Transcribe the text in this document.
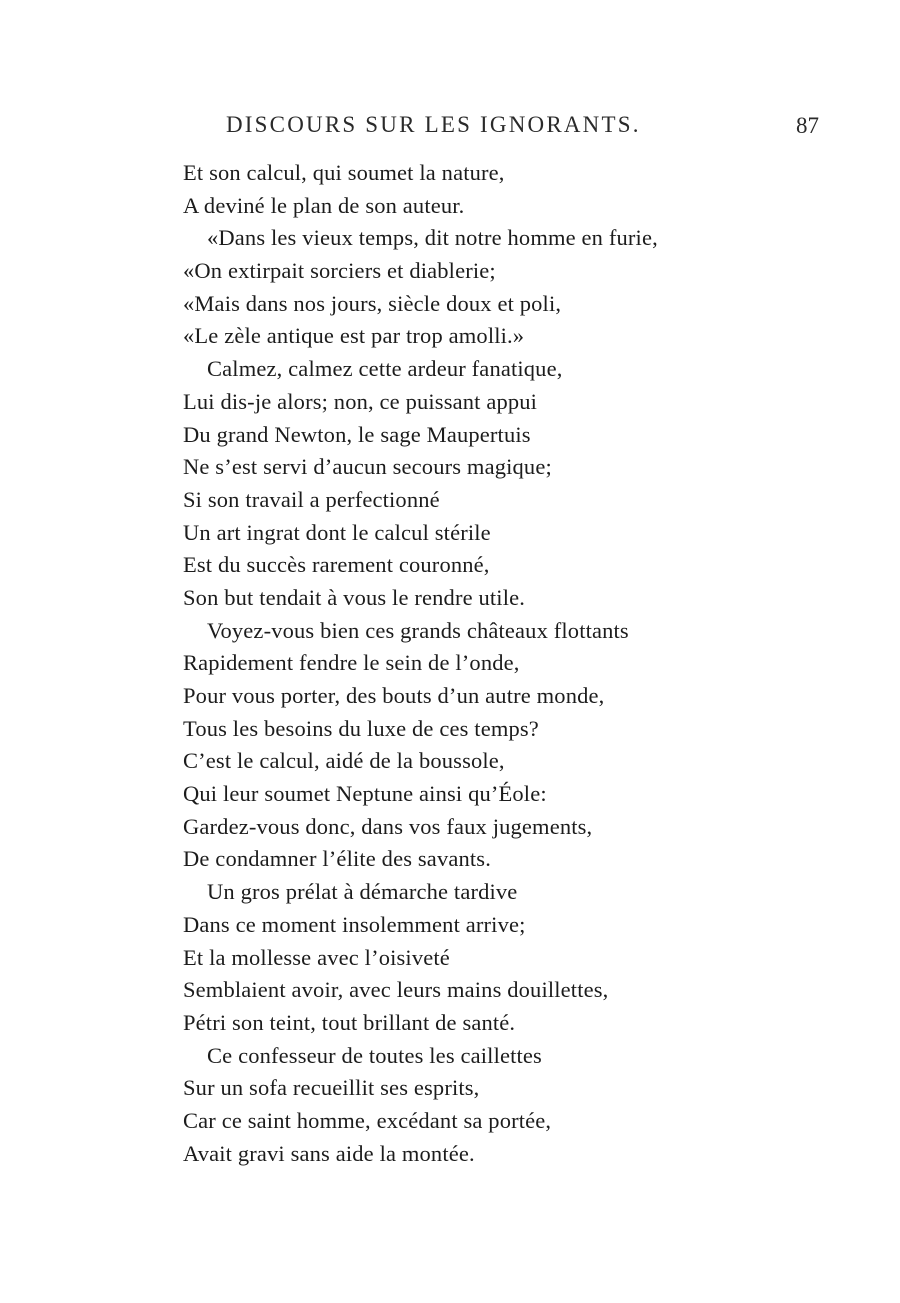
DISCOURS SUR LES IGNORANTS.	87
Et son calcul, qui soumet la nature,
A deviné le plan de son auteur.
«Dans les vieux temps, dit notre homme en furie,
«On extirpait sorciers et diablerie;
«Mais dans nos jours, siècle doux et poli,
«Le zèle antique est par trop amolli.»
Calmez, calmez cette ardeur fanatique,
Lui dis-je alors; non, ce puissant appui
Du grand Newton, le sage Maupertuis
Ne s’est servi d’aucun secours magique;
Si son travail a perfectionné
Un art ingrat dont le calcul stérile
Est du succès rarement couronné,
Son but tendait à vous le rendre utile.
Voyez-vous bien ces grands châteaux flottants
Rapidement fendre le sein de l’onde,
Pour vous porter, des bouts d’un autre monde,
Tous les besoins du luxe de ces temps?
C’est le calcul, aidé de la boussole,
Qui leur soumet Neptune ainsi qu’Éole:
Gardez-vous donc, dans vos faux jugements,
De condamner l’élite des savants.
Un gros prélat à démarche tardive
Dans ce moment insolemment arrive;
Et la mollesse avec l’oisiveté
Semblaient avoir, avec leurs mains douillettes,
Pétri son teint, tout brillant de santé.
Ce confesseur de toutes les caillettes
Sur un sofa recueillit ses esprits,
Car ce saint homme, excédant sa portée,
Avait gravi sans aide la montée.
